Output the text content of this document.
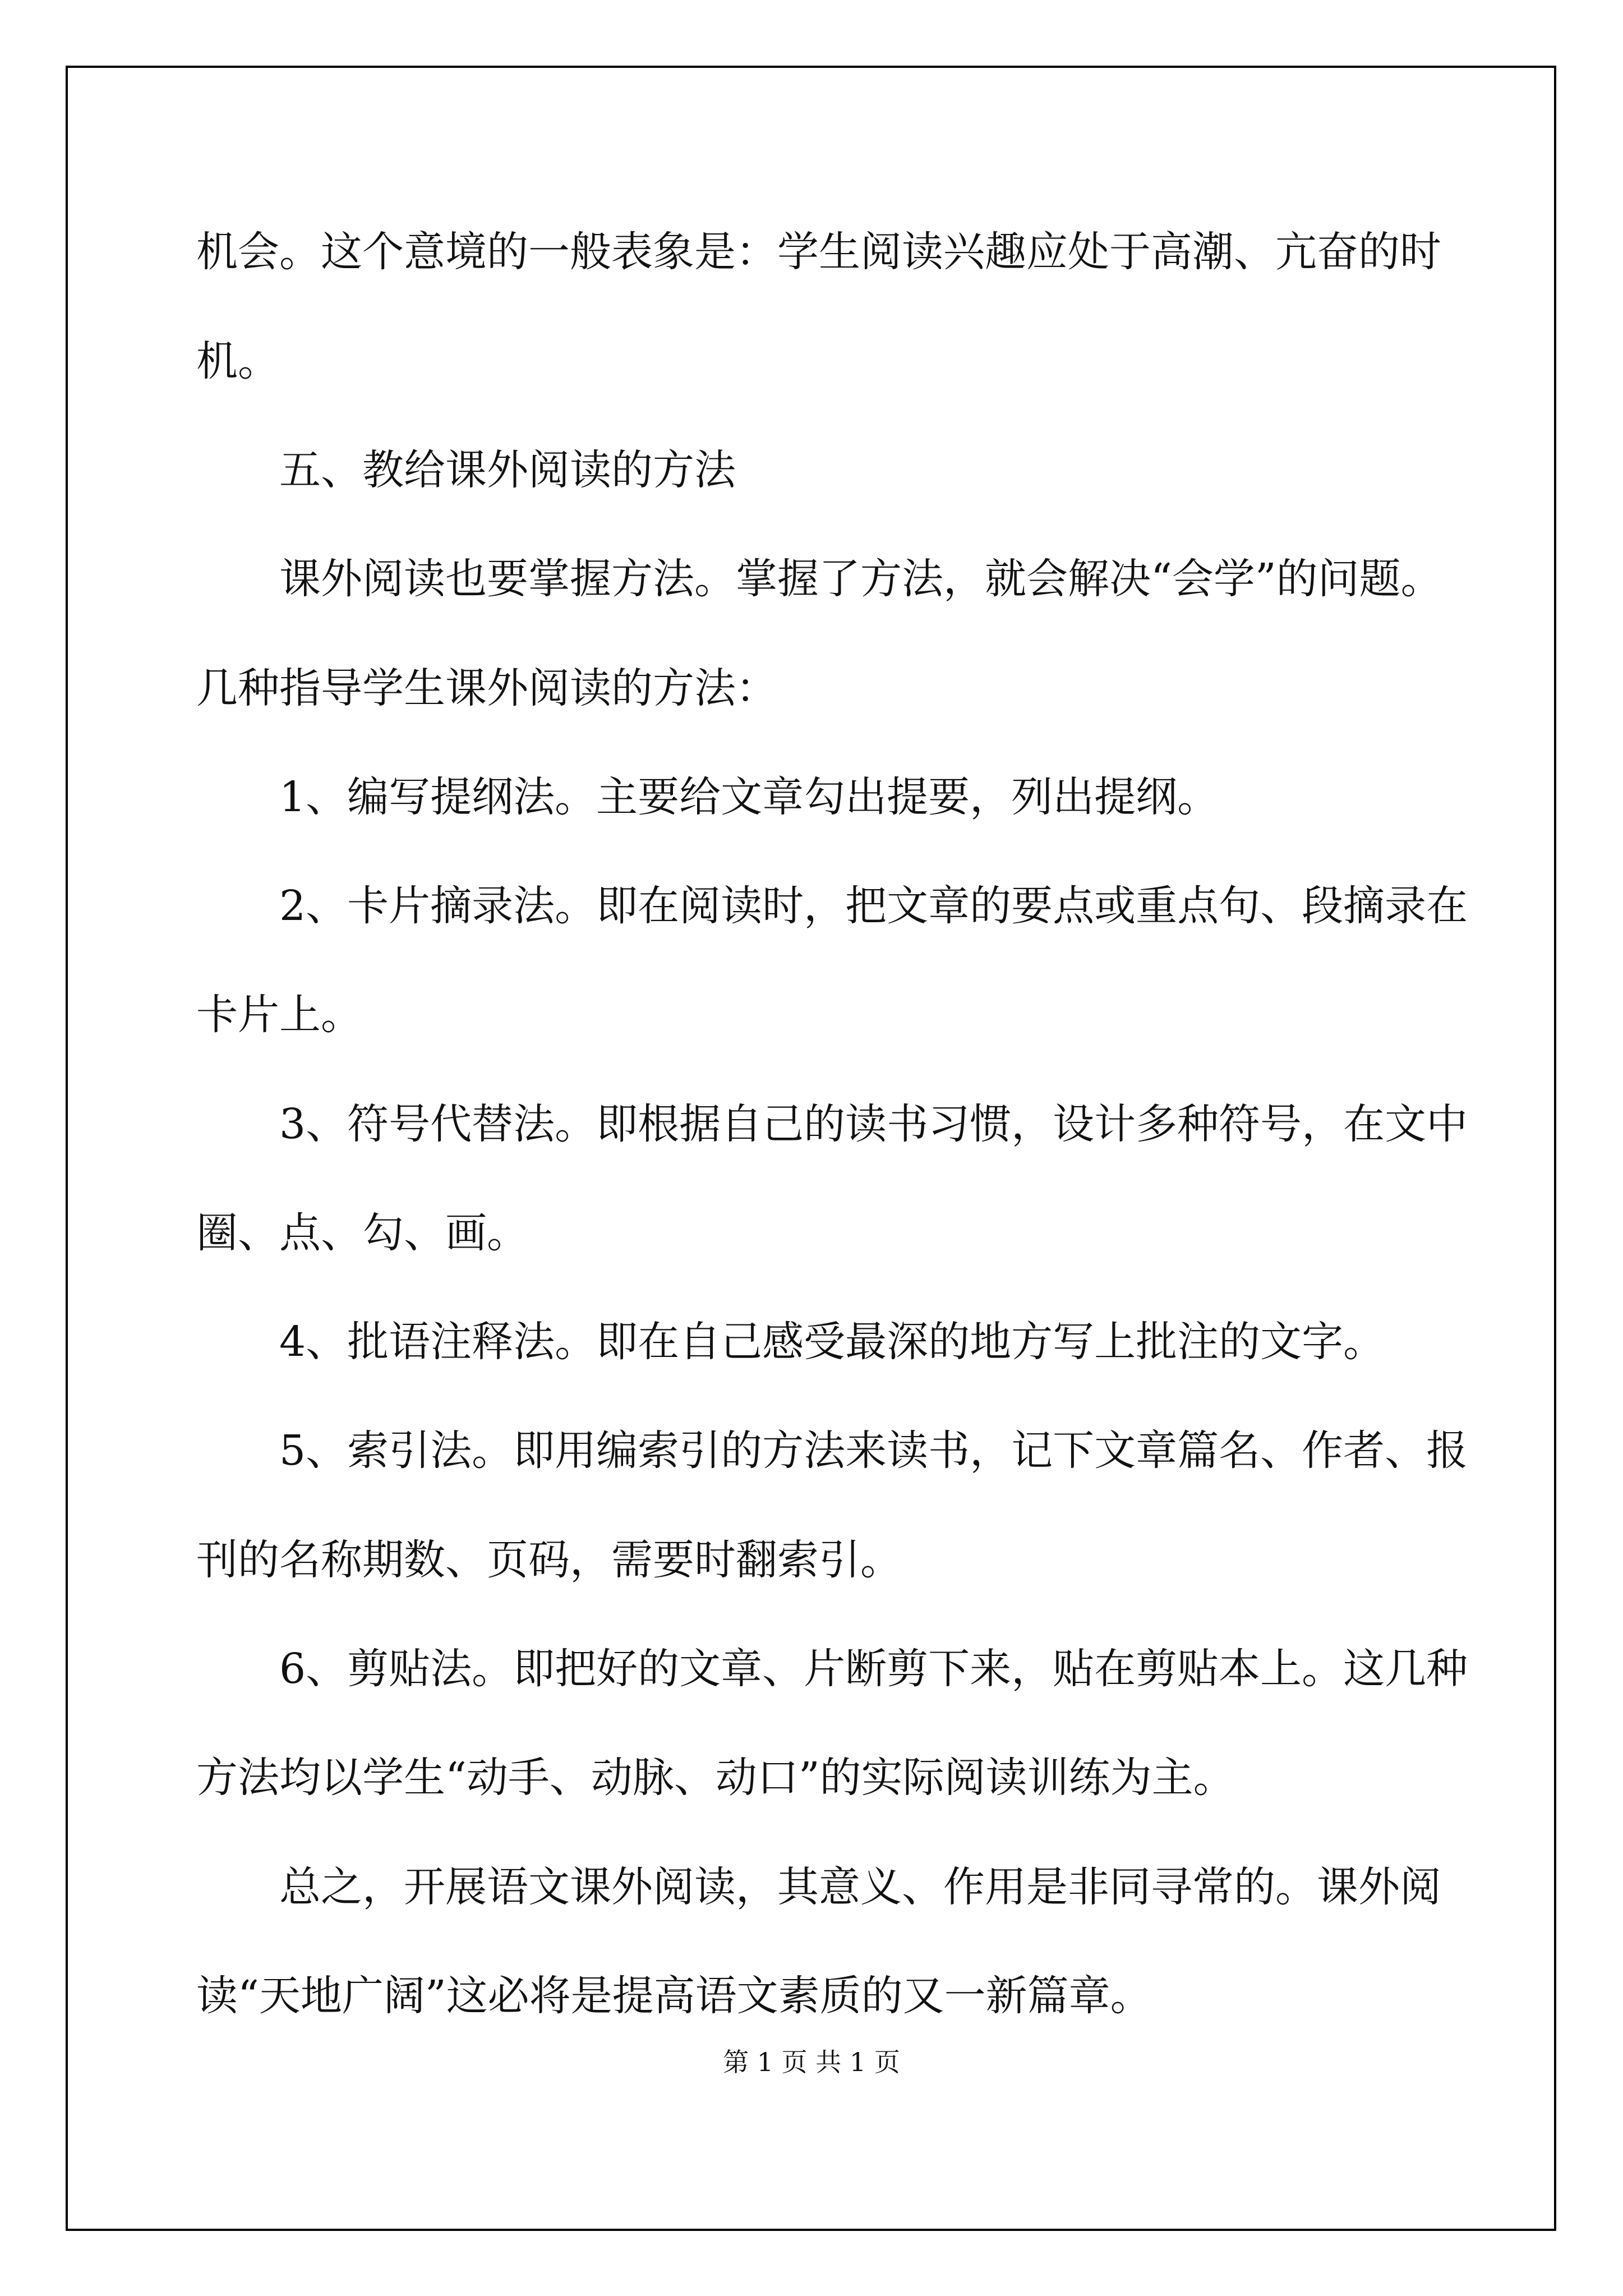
机会。这个意境的一般表象是：学生阅读兴趣应处于高潮、亢奋的时
机。
五、教给课外阅读的方法
课外阅读也要掌握方法。掌握了方法，就会解决“会学”的问题。
几种指导学生课外阅读的方法：
1、编写提纲法。主要给文章勾出提要，列出提纲。
2、卡片摘录法。即在阅读时，把文章的要点或重点句、段摘录在
卡片上。
3、符号代替法。即根据自己的读书习惯，设计多种符号，在文中
圈、点、勾、画。
4、批语注释法。即在自己感受最深的地方写上批注的文字。
5、索引法。即用编索引的方法来读书，记下文章篇名、作者、报
刊的名称期数、页码，需要时翻索引。
6、剪贴法。即把好的文章、片断剪下来，贴在剪贴本上。这几种
方法均以学生“动手、动脉、动口”的实际阅读训练为主。
总之，开展语文课外阅读，其意义、作用是非同寻常的。课外阅
读“天地广阔”这必将是提高语文素质的又一新篇章。
第 1 页 共 1 页
